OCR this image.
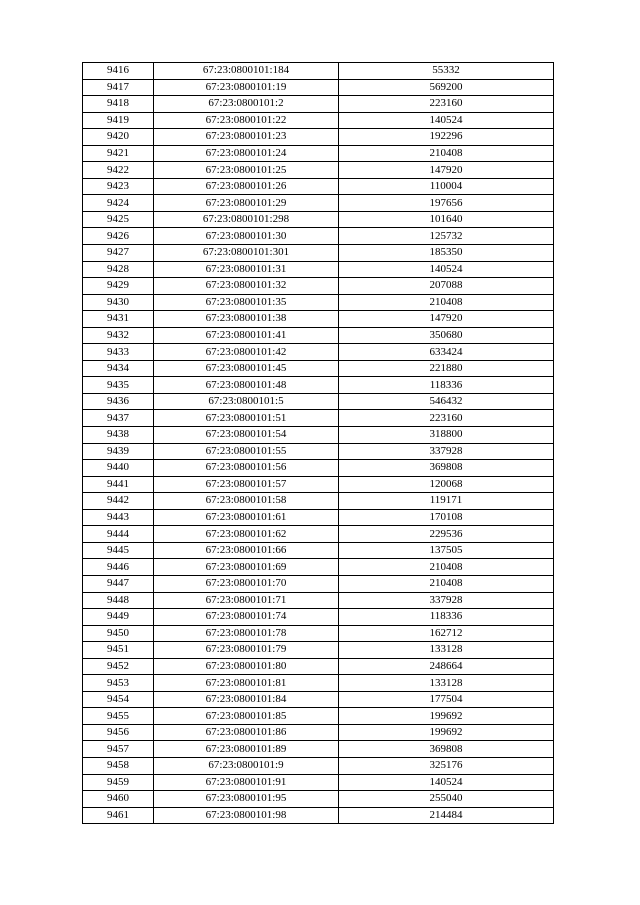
9416	67:23:0800101:184	55332
9417	67:23:0800101:19	569200
9418	67:23:0800101:2	223160
9419	67:23:0800101:22	140524
9420	67:23:0800101:23	192296
9421	67:23:0800101:24	210408
9422	67:23:0800101:25	147920
9423	67:23:0800101:26	110004
9424	67:23:0800101:29	197656
9425	67:23:0800101:298	101640
9426	67:23:0800101:30	125732
9427	67:23:0800101:301	185350
9428	67:23:0800101:31	140524
9429	67:23:0800101:32	207088
9430	67:23:0800101:35	210408
9431	67:23:0800101:38	147920
9432	67:23:0800101:41	350680
9433	67:23:0800101:42	633424
9434	67:23:0800101:45	221880
9435	67:23:0800101:48	118336
9436	67:23:0800101:5	546432
9437	67:23:0800101:51	223160
9438	67:23:0800101:54	318800
9439	67:23:0800101:55	337928
9440	67:23:0800101:56	369808
9441	67:23:0800101:57	120068
9442	67:23:0800101:58	119171
9443	67:23:0800101:61	170108
9444	67:23:0800101:62	229536
9445	67:23:0800101:66	137505
9446	67:23:0800101:69	210408
9447	67:23:0800101:70	210408
9448	67:23:0800101:71	337928
9449	67:23:0800101:74	118336
9450	67:23:0800101:78	162712
9451	67:23:0800101:79	133128
9452	67:23:0800101:80	248664
9453	67:23:0800101:81	133128
9454	67:23:0800101:84	177504
9455	67:23:0800101:85	199692
9456	67:23:0800101:86	199692
9457	67:23:0800101:89	369808
9458	67:23:0800101:9	325176
9459	67:23:0800101:91	140524
9460	67:23:0800101:95	255040
9461	67:23:0800101:98	214484
